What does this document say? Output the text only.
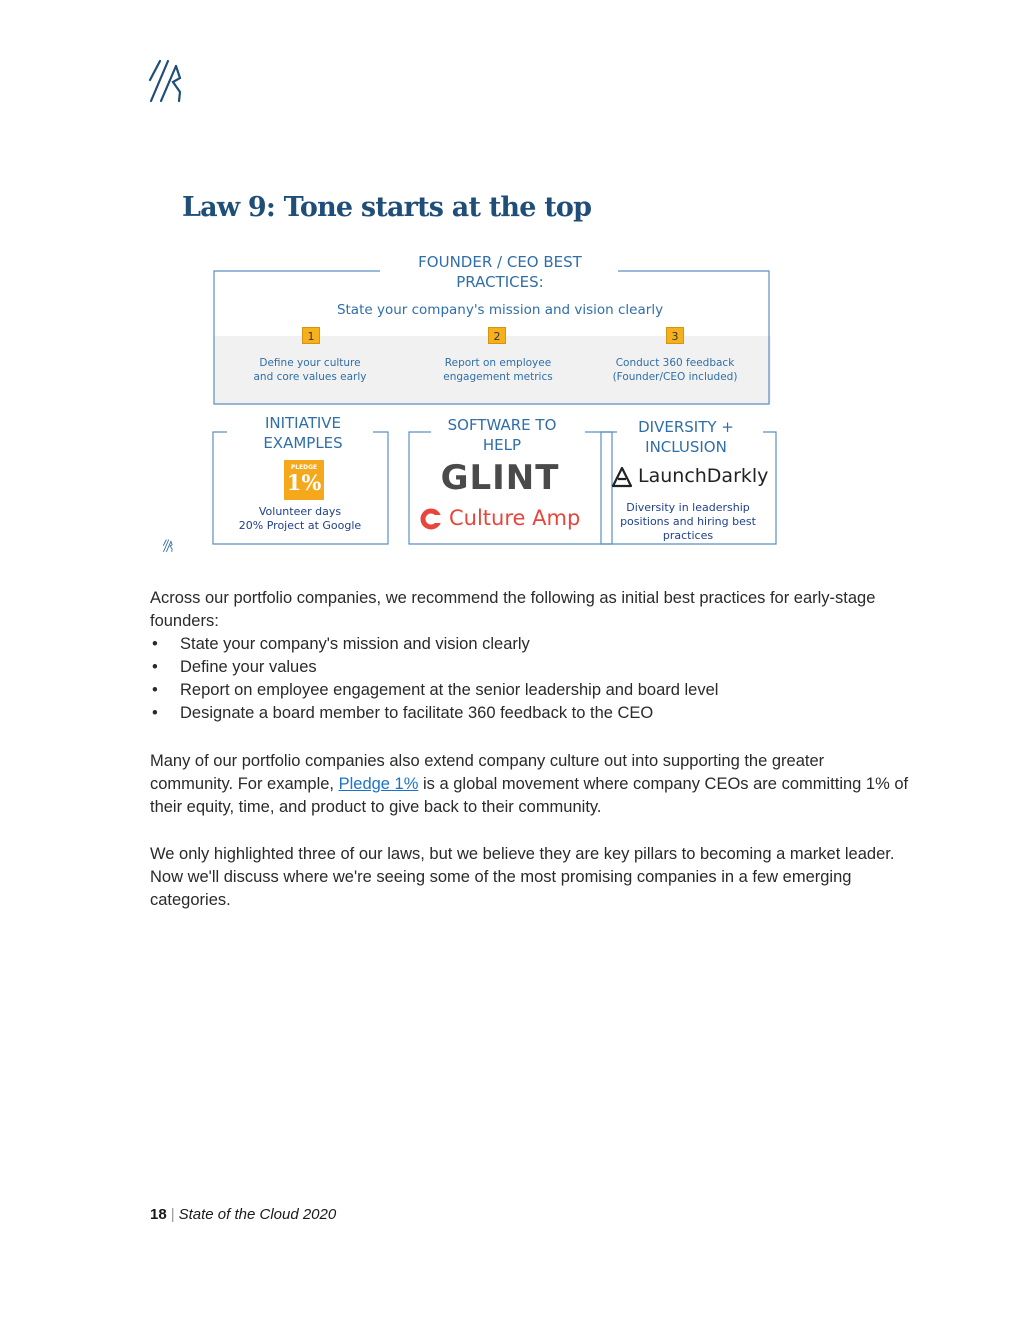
Law 9: Tone starts at the top
FOUNDER / CEO BEST PRACTICES:
State your company's mission and vision clearly
1	2	3
Define your culture and core values early
Report on employee engagement metrics
Conduct 360 feedback (Founder/CEO included)
INITIATIVE EXAMPLES
PLEDGE
1%
Volunteer days
20% Project at Google
SOFTWARE TO HELP
GLINT
Culture Amp
DIVERSITY + INCLUSION
LaunchDarkly
Diversity in leadership positions and hiring best practices

Across our portfolio companies, we recommend the following as initial best practices for early-stage founders:

• State your company's mission and vision clearly
• Define your values
• Report on employee engagement at the senior leadership and board level
• Designate a board member to facilitate 360 feedback to the CEO

Many of our portfolio companies also extend company culture out into supporting the greater community. For example, Pledge 1% is a global movement where company CEOs are committing 1% of their equity, time, and product to give back to their community.

We only highlighted three of our laws, but we believe they are key pillars to becoming a market leader. Now we'll discuss where we're seeing some of the most promising companies in a few emerging categories.

18 | State of the Cloud 2020
